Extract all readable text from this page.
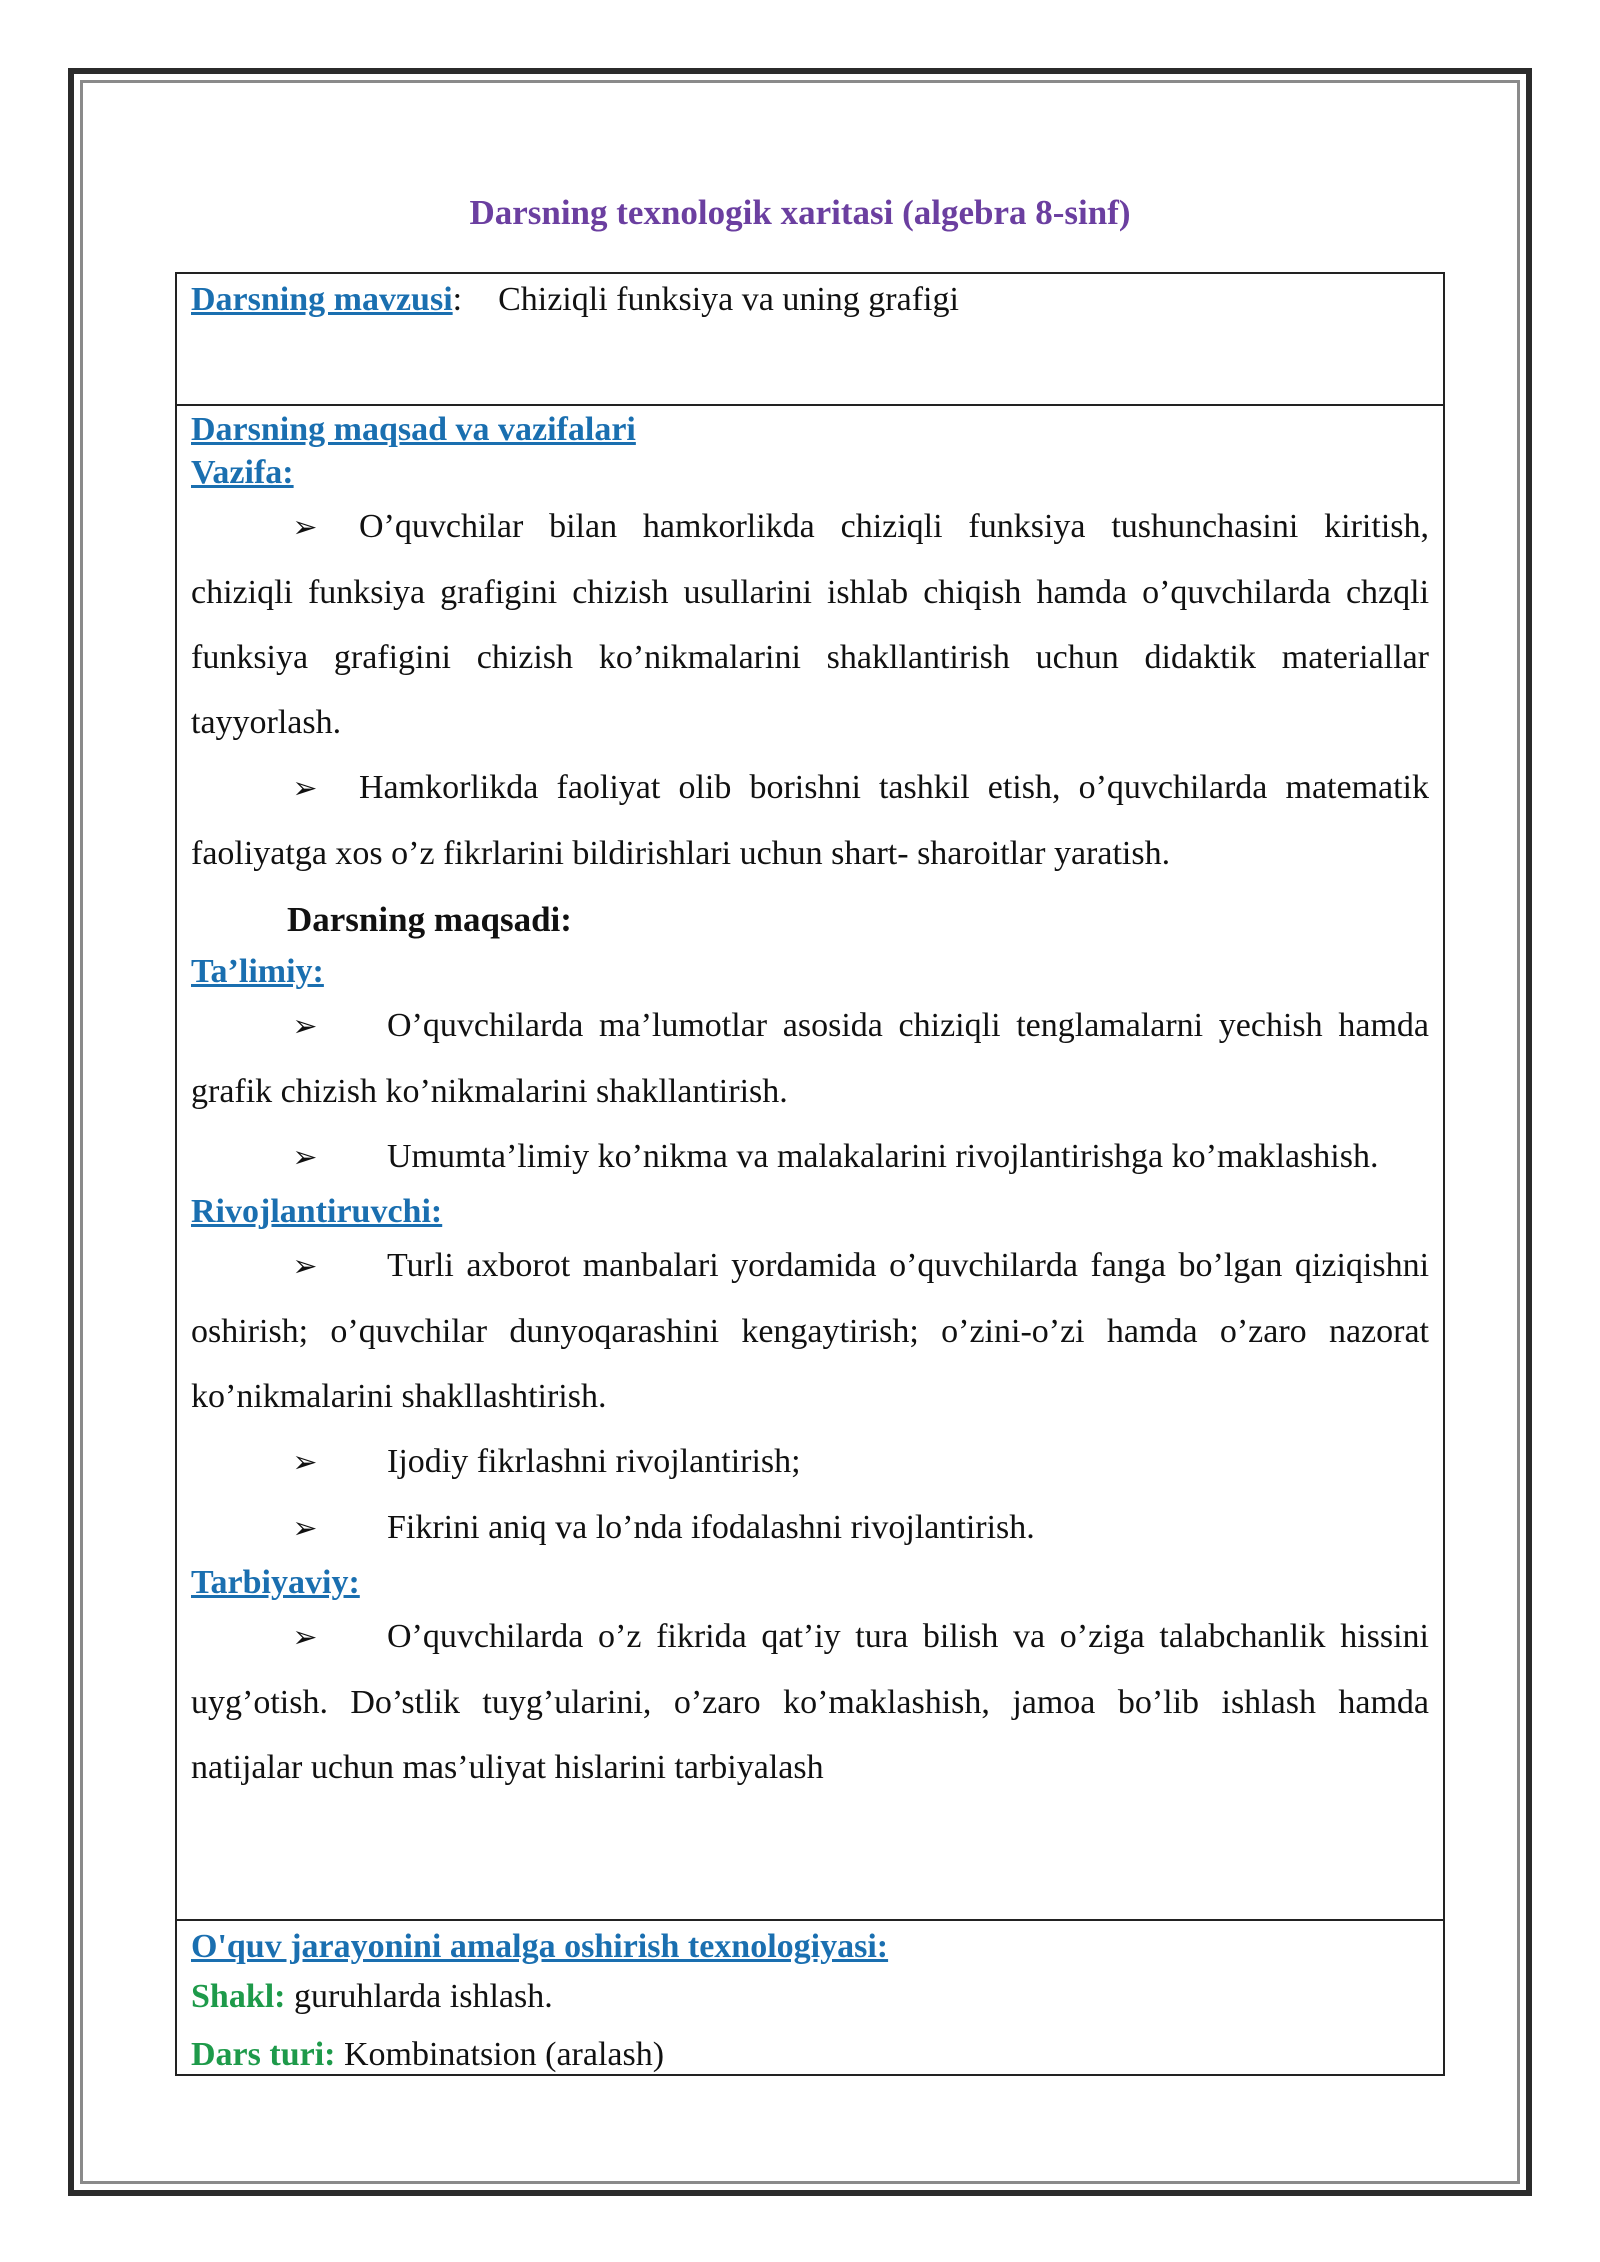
Darsning texnologik xaritasi (algebra 8-sinf)
Darsning mavzusi: Chiziqli funksiya va uning grafigi
Darsning maqsad va vazifalari
Vazifa:
➢ O’quvchilar bilan hamkorlikda chiziqli funksiya tushunchasini kiritish, chiziqli funksiya grafigini chizish usullarini ishlab chiqish hamda o’quvchilarda chzqli funksiya grafigini chizish ko’nikmalarini shakllantirish uchun didaktik materiallar tayyorlash.
➢ Hamkorlikda faoliyat olib borishni tashkil etish, o’quvchilarda matematik faoliyatga xos o’z fikrlarini bildirishlari uchun shart- sharoitlar yaratish.
Darsning maqsadi:
Ta’limiy:
➢ O’quvchilarda ma’lumotlar asosida chiziqli tenglamalarni yechish hamda grafik chizish ko’nikmalarini shakllantirish.
➢ Umumta’limiy ko’nikma va malakalarini rivojlantirishga ko’maklashish.
Rivojlantiruvchi:
➢ Turli axborot manbalari yordamida o’quvchilarda fanga bo’lgan qiziqishni oshirish; o’quvchilar dunyoqarashini kengaytirish; o’zini-o’zi hamda o’zaro nazorat ko’nikmalarini shakllashtirish.
➢ Ijodiy fikrlashni rivojlantirish;
➢ Fikrini aniq va lo’nda ifodalashni rivojlantirish.
Tarbiyaviy:
➢ O’quvchilarda o’z fikrida qat’iy tura bilish va o’ziga talabchanlik hissini uyg’otish. Do’stlik tuyg’ularini, o’zaro ko’maklashish, jamoa bo’lib ishlash hamda natijalar uchun mas’uliyat hislarini tarbiyalash
O'quv jarayonini amalga oshirish texnologiyasi:
Shakl: guruhlarda ishlash.
Dars turi: Kombinatsion (aralash)
